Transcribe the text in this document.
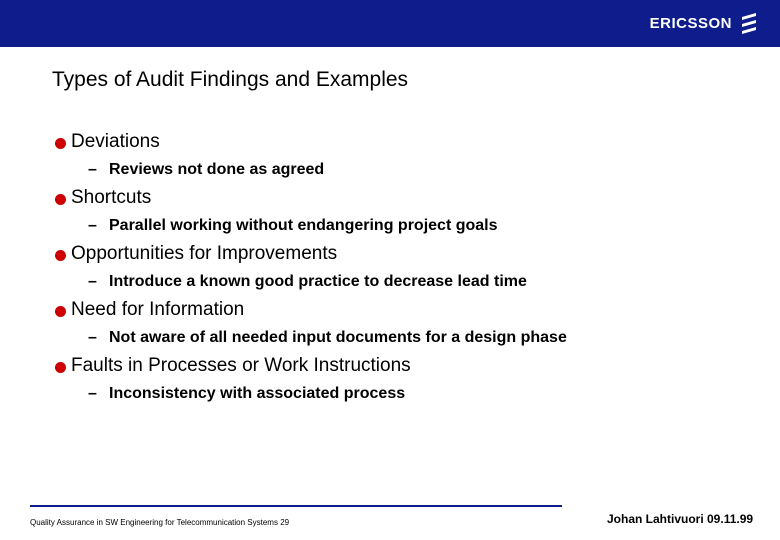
ERICSSON
Types of Audit Findings and Examples
Deviations
– Reviews not done as agreed
Shortcuts
– Parallel working without endangering project goals
Opportunities for Improvements
– Introduce a known good practice to decrease lead time
Need for Information
– Not aware of all needed input documents for a design phase
Faults in Processes or Work Instructions
– Inconsistency with associated process
Quality Assurance in SW Engineering for Telecommunication Systems 29	Johan Lahtivuori 09.11.99
